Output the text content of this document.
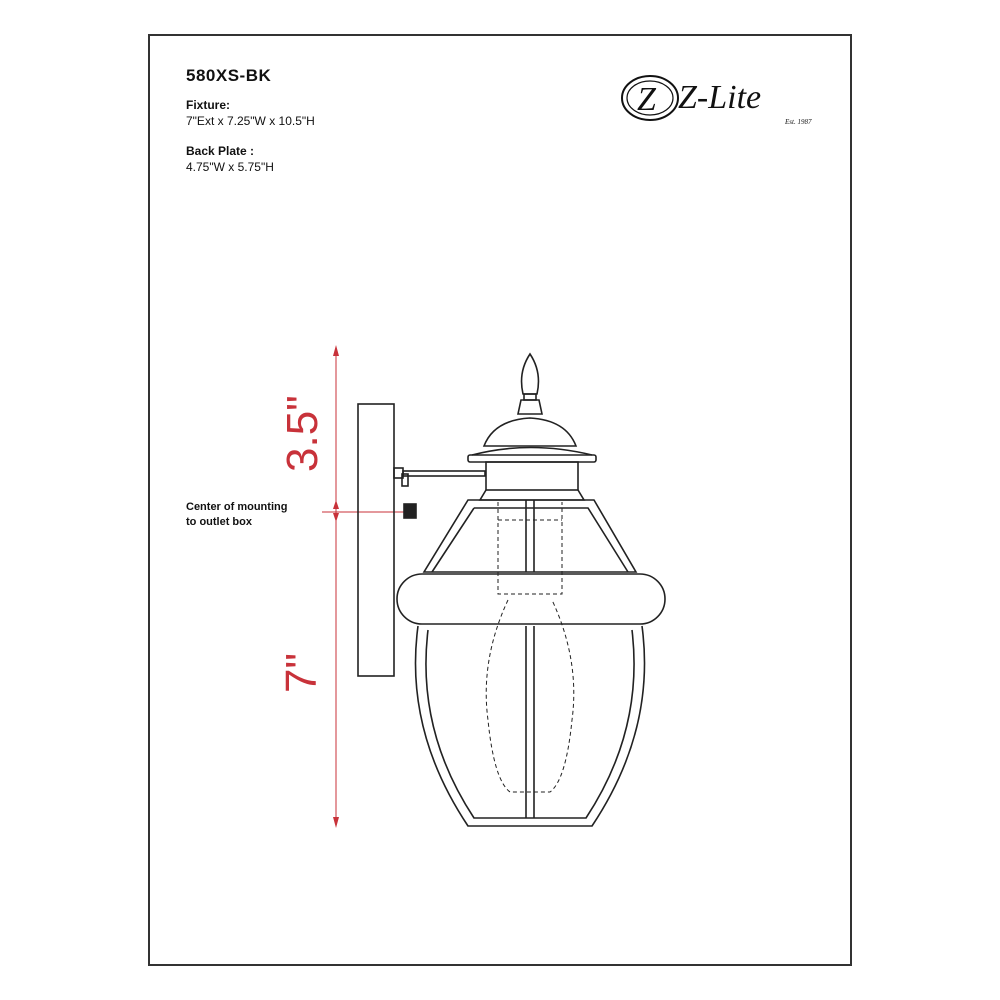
580XS-BK
Fixture:
7"Ext x 7.25"W x 10.5"H
Back Plate :
4.75"W x 5.75"H
Center of mounting
to outlet box
Z Z-Lite
Est. 1987
3.5"
7"
